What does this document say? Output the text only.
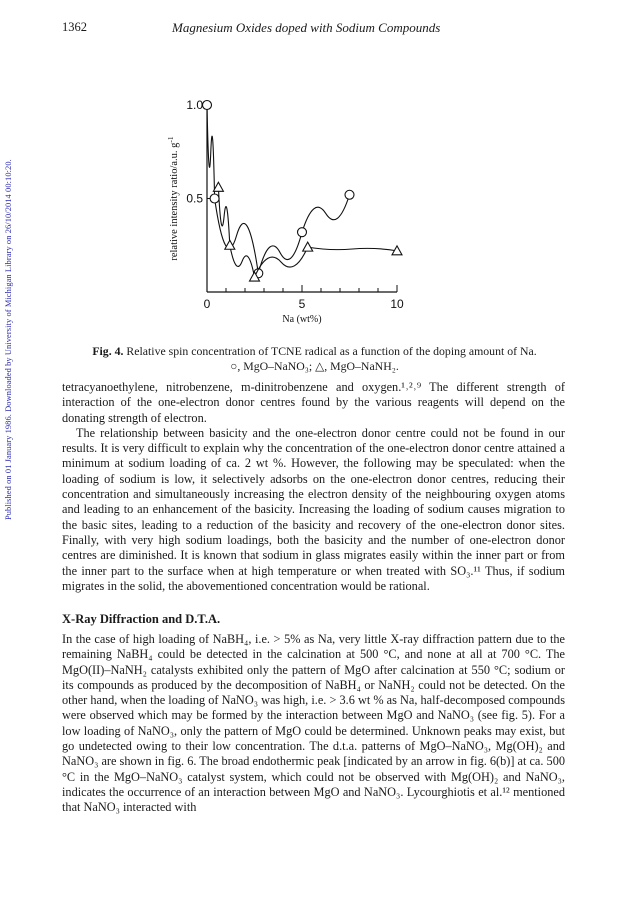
Published on 01 January 1986. Downloaded by University of Michigan Library on 26/10/2014 00:10:20.
1362	Magnesium Oxides doped with Sodium Compounds
0	5	10
0.5
1.0
Na (wt%)
relative intensity ratio/a.u. $g^{-1}$
Fig. 4. Relative spin concentration of TCNE radical as a function of the doping amount of Na.
○, MgO–NaNO₃; △, MgO–NaNH₂.

tetracyanoethylene, nitrobenzene, m-dinitrobenzene and oxygen.¹˒²˒⁹ The different strength of interaction of the one-electron donor centres found by the various reagents will depend on the donating strength of electron.

The relationship between basicity and the one-electron donor centre could not be found in our results. It is very difficult to explain why the concentration of the one-electron donor centre attained a minimum at sodium loading of ca. 2 wt %. However, the following may be speculated: when the loading of sodium is low, it selectively adsorbs on the one-electron donor centres, reducing their concentration and simultaneously increasing the electron density of the neighbouring oxygen atoms and leading to an enhancement of the basicity. Increasing the loading of sodium causes migration to the basic sites, leading to a reduction of the basicity and recovery of the one-electron donor sites. Finally, with very high sodium loadings, both the basicity and the number of one-electron donor centres are diminished. It is known that sodium in glass migrates easily within the inner part or from the inner part to the surface when at high temperature or when treated with SO₃.¹¹ Thus, if sodium migrates in the solid, the abovementioned concentration would be rational.

X-Ray Diffraction and D.T.A.

In the case of high loading of NaBH₄, i.e. > 5% as Na, very little X-ray diffraction pattern due to the remaining NaBH₄ could be detected in the calcination at 500 °C, and none at all at 700 °C. The MgO(II)–NaNH₂ catalysts exhibited only the pattern of MgO after calcination at 550 °C; sodium or its compounds as produced by the decomposition of NaBH₄ or NaNH₂ could not be detected. On the other hand, when the loading of NaNO₃ was high, i.e. > 3.6 wt % as Na, half-decomposed compounds were observed which may be formed by the interaction between MgO and NaNO₃ (see fig. 5). For a low loading of NaNO₃, only the pattern of MgO could be determined. Unknown peaks may exist, but go undetected owing to their low concentration. The d.t.a. patterns of MgO–NaNO₃, Mg(OH)₂ and NaNO₃ are shown in fig. 6. The broad endothermic peak [indicated by an arrow in fig. 6(b)] at ca. 500 °C in the MgO–NaNO₃ catalyst system, which could not be observed with Mg(OH)₂ and NaNO₃, indicates the occurrence of an interaction between MgO and NaNO₃. Lycourghiotis et al.¹² mentioned that NaNO₃ interacted with
